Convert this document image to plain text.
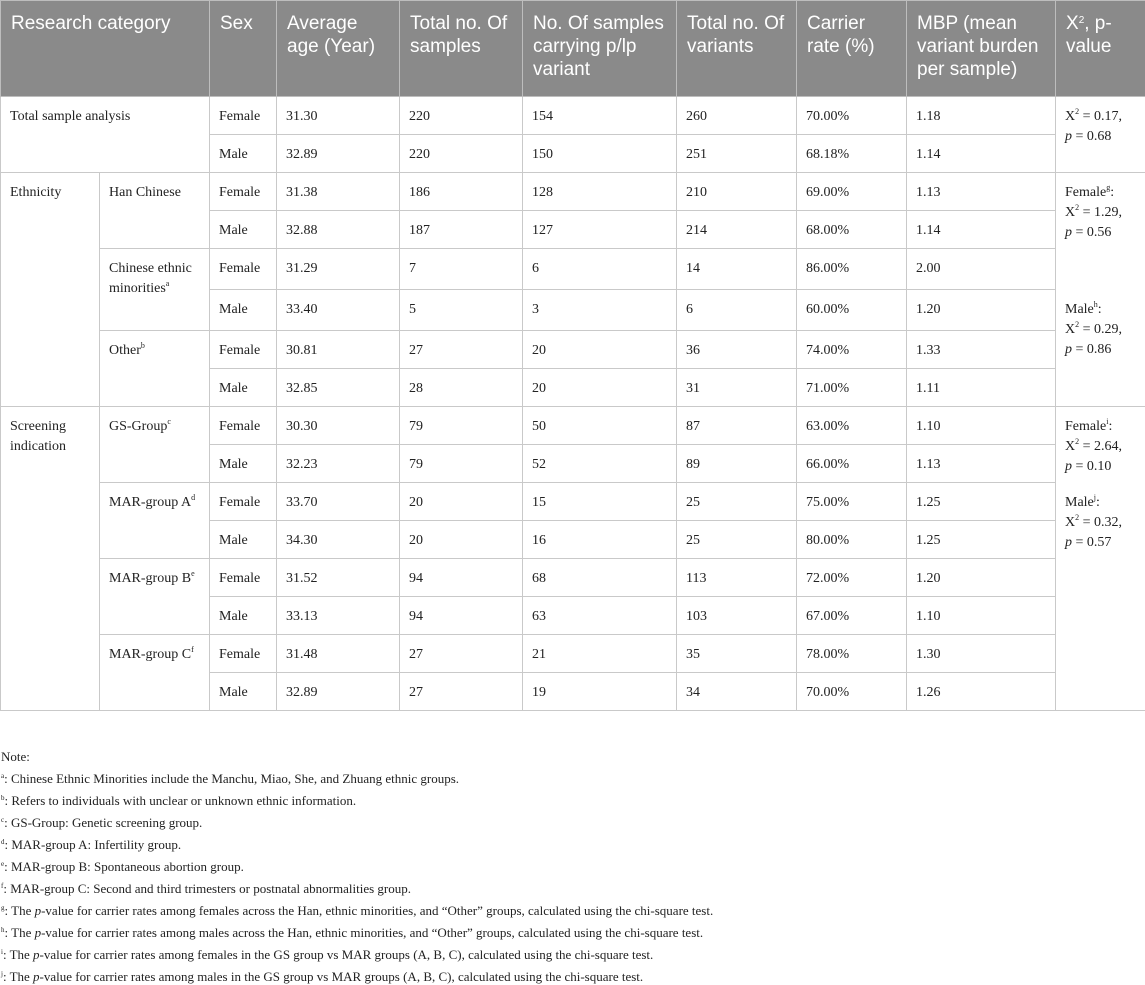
Research category		Sex	Average age (Year)	Total no. Of samples	No. Of samples carrying p/lp variant	Total no. Of variants	Carrier rate (%)	MBP (mean variant burden per sample)	$X^2$, p-value
Total sample analysis		Female	31.30	220	154	260	70.00%	1.18	$X^2 = 0.17$,
p = 0.68
		Male	32.89	220	150	251	68.18%	1.14	
Ethnicity	Han Chinese	Female	31.38	186	128	210	69.00%	1.13	Female$^g$:
$X^2 = 1.29$,
p = 0.56
		Male	32.88	187	127	214	68.00%	1.14	
	Chinese ethnic minorities$^a$	Female	31.29	7	6	14	86.00%	2.00	
		Male	33.40	5	3	6	60.00%	1.20	Male$^h$:
$X^2 = 0.29$,
p = 0.86
	Other$^b$	Female	30.81	27	20	36	74.00%	1.33	
		Male	32.85	28	20	31	71.00%	1.11	
Screening indication	GS-Group$^c$	Female	30.30	79	50	87	63.00%	1.10	Female$^i$:
$X^2 = 2.64$,
p = 0.10
		Male	32.23	79	52	89	66.00%	1.13	
	MAR-group $A^d$	Female	33.70	20	15	25	75.00%	1.25	Male$^j$:
$X^2 = 0.32$,
p = 0.57
		Male	34.30	20	16	25	80.00%	1.25	
	MAR-group $B^e$	Female	31.52	94	68	113	72.00%	1.20	
		Male	33.13	94	63	103	67.00%	1.10	
	MAR-group $C^f$	Female	31.48	27	21	35	78.00%	1.30	
		Male	32.89	27	19	34	70.00%	1.26	
Note:
$^a$: Chinese Ethnic Minorities include the Manchu, Miao, She, and Zhuang ethnic groups.
$^b$: Refers to individuals with unclear or unknown ethnic information.
$^c$: GS-Group: Genetic screening group.
$^d$: MAR-group A: Infertility group.
$^e$: MAR-group B: Spontaneous abortion group.
$^f$: MAR-group C: Second and third trimesters or postnatal abnormalities group.
$^g$: The p-value for carrier rates among females across the Han, ethnic minorities, and “Other” groups, calculated using the chi-square test.
$^h$: The p-value for carrier rates among males across the Han, ethnic minorities, and “Other” groups, calculated using the chi-square test.
$^i$: The p-value for carrier rates among females in the GS group vs MAR groups (A, B, C), calculated using the chi-square test.
$^j$: The p-value for carrier rates among males in the GS group vs MAR groups (A, B, C), calculated using the chi-square test.
